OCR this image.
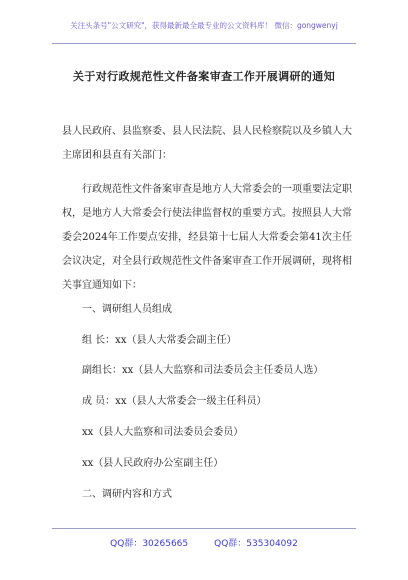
关注头条号"公文研究"，获得最新最全最专业的公文资料库！ 微信：gongwenyj
关于对行政规范性文件备案审查工作开展调研的通知
县人民政府、县监察委、县人民法院、县人民检察院以及乡镇人大主席团和县直有关部门：
行政规范性文件备案审查是地方人大常委会的一项重要法定职权，是地方人大常委会行使法律监督权的重要方式。按照县人大常委会2024年工作要点安排，经县第十七届人大常委会第41次主任会议决定，对全县行政规范性文件备案审查工作开展调研，现将相关事宜通知如下：
一、调研组人员组成
组 长：xx（县人大常委会副主任）
副组长：xx（县人大监察和司法委员会主任委员人选）
成 员：xx（县人大常委会一级主任科员）
xx（县人大监察和司法委员会委员）
xx（县人民政府办公室副主任）
二、调研内容和方式
QQ群：30265665	QQ群：535304092
